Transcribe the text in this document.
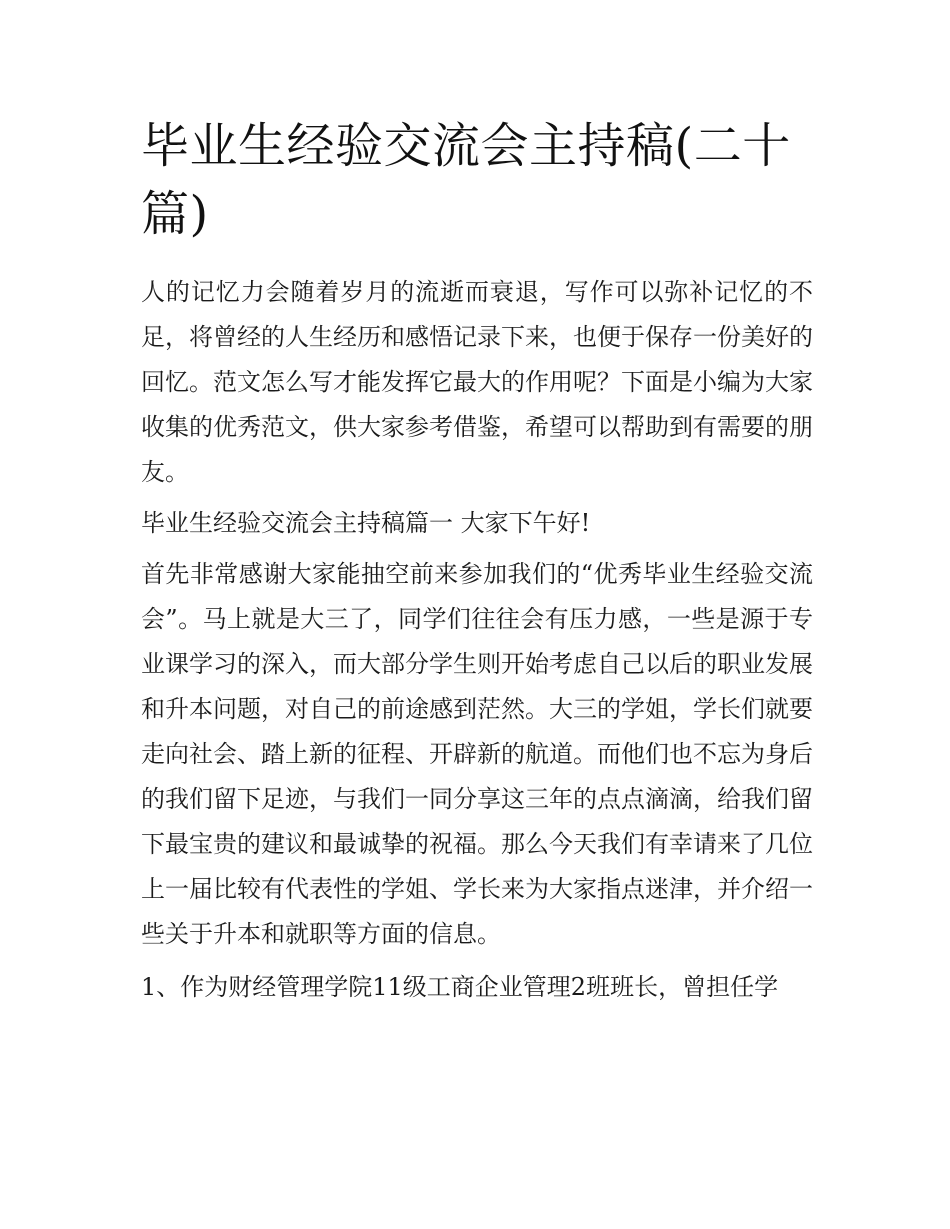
毕业生经验交流会主持稿(二十篇)

人的记忆力会随着岁月的流逝而衰退，写作可以弥补记忆的不足，将曾经的人生经历和感悟记录下来，也便于保存一份美好的回忆。范文怎么写才能发挥它最大的作用呢？下面是小编为大家收集的优秀范文，供大家参考借鉴，希望可以帮助到有需要的朋友。

毕业生经验交流会主持稿篇一 大家下午好!

首先非常感谢大家能抽空前来参加我们的“优秀毕业生经验交流会”。马上就是大三了，同学们往往会有压力感，一些是源于专业课学习的深入，而大部分学生则开始考虑自己以后的职业发展和升本问题，对自己的前途感到茫然。大三的学姐，学长们就要走向社会、踏上新的征程、开辟新的航道。而他们也不忘为身后的我们留下足迹，与我们一同分享这三年的点点滴滴，给我们留下最宝贵的建议和最诚挚的祝福。那么今天我们有幸请来了几位上一届比较有代表性的学姐、学长来为大家指点迷津，并介绍一些关于升本和就职等方面的信息。

1、作为财经管理学院11级工商企业管理2班班长，曾担任学
